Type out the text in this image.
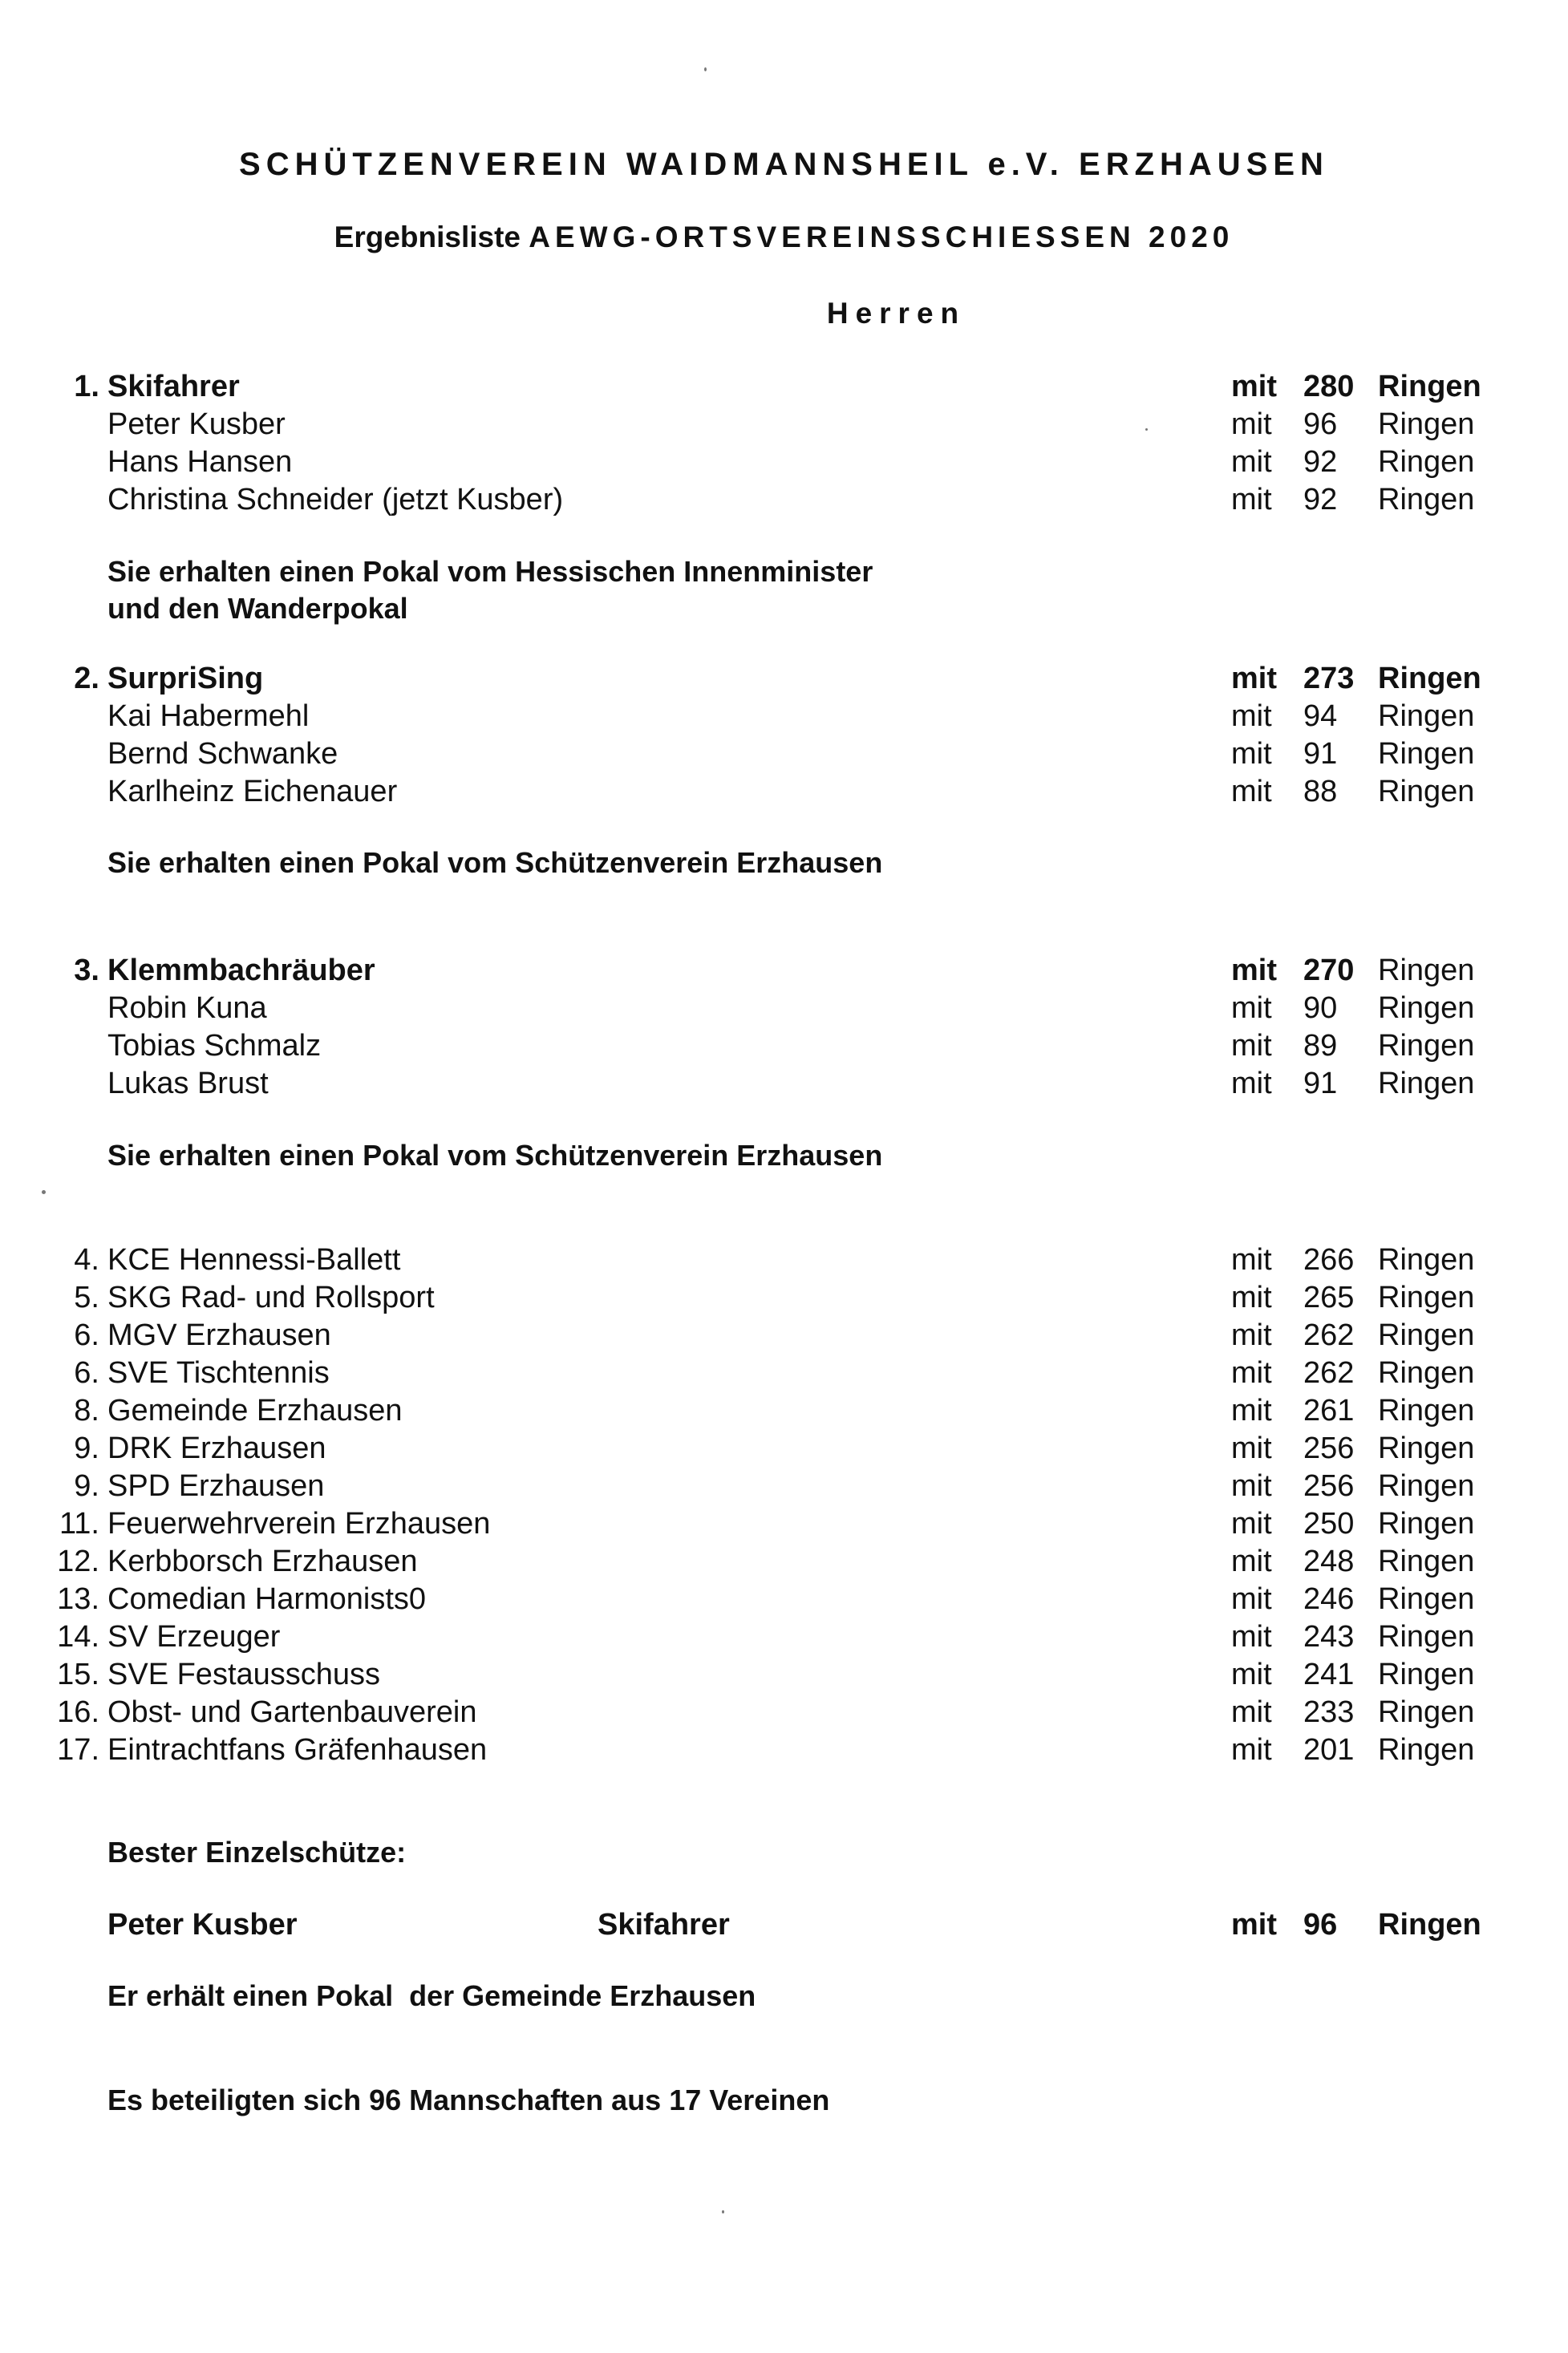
SCHÜTZENVEREIN WAIDMANNSHEIL e.V. ERZHAUSEN
Ergebnisliste AEWG-ORTSVEREINSSCHIESSEN 2020
Herren
1. Skifahrer	mit 280 Ringen
Peter Kusber	mit 96 Ringen
Hans Hansen	mit 92 Ringen
Christina Schneider (jetzt Kusber)	mit 92 Ringen
Sie erhalten einen Pokal vom Hessischen Innenminister
und den Wanderpokal
2. SurpriSing	mit 273 Ringen
Kai Habermehl	mit 94 Ringen
Bernd Schwanke	mit 91 Ringen
Karlheinz Eichenauer	mit 88 Ringen
Sie erhalten einen Pokal vom Schützenverein Erzhausen
3. Klemmbachräuber	mit 270 Ringen
Robin Kuna	mit 90 Ringen
Tobias Schmalz	mit 89 Ringen
Lukas Brust	mit 91 Ringen
Sie erhalten einen Pokal vom Schützenverein Erzhausen
4. KCE Hennessi-Ballett	mit 266 Ringen
5. SKG Rad- und Rollsport	mit 265 Ringen
6. MGV Erzhausen	mit 262 Ringen
6. SVE Tischtennis	mit 262 Ringen
8. Gemeinde Erzhausen	mit 261 Ringen
9. DRK Erzhausen	mit 256 Ringen
9. SPD Erzhausen	mit 256 Ringen
11. Feuerwehrverein Erzhausen	mit 250 Ringen
12. Kerbborsch Erzhausen	mit 248 Ringen
13. Comedian Harmonists0	mit 246 Ringen
14. SV Erzeuger	mit 243 Ringen
15. SVE Festausschuss	mit 241 Ringen
16. Obst- und Gartenbauverein	mit 233 Ringen
17. Eintrachtfans Gräfenhausen	mit 201 Ringen
Bester Einzelschütze:
Peter Kusber	Skifahrer	mit 96 Ringen
Er erhält einen Pokal  der Gemeinde Erzhausen
Es beteiligten sich 96 Mannschaften aus 17 Vereinen
